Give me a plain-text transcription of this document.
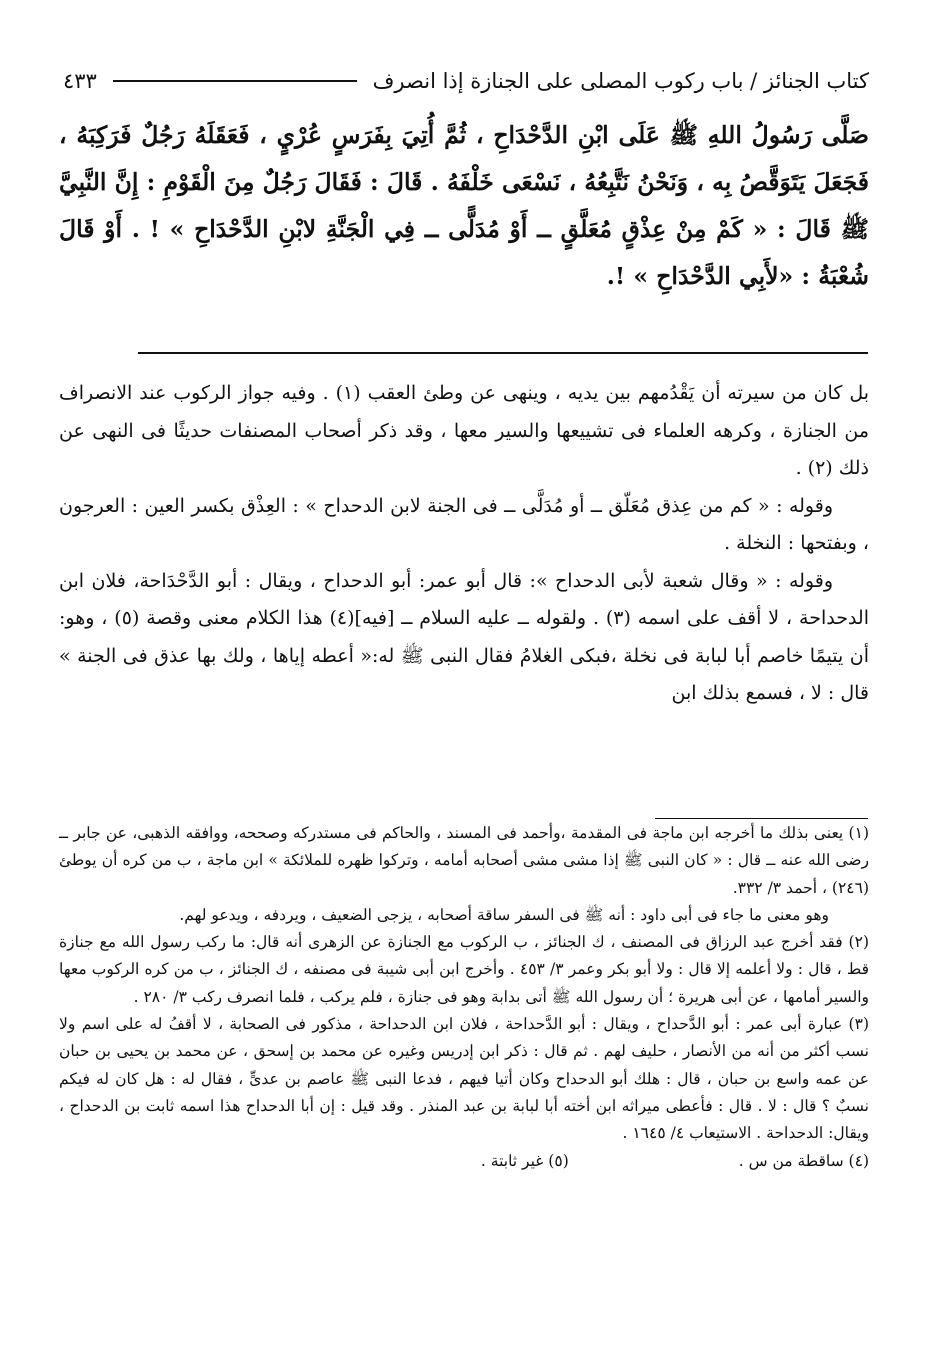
كتاب الجنائز / باب ركوب المصلى على الجنازة إذا انصرف
٤٣٣

صَلَّى رَسُولُ اللهِ ﷺ عَلَى ابْنِ الدَّحْدَاحِ ، ثُمَّ أُتِيَ بِفَرَسٍ عُرْيٍ ، فَعَقَلَهُ رَجُلٌ فَرَكِبَهُ ، فَجَعَلَ يَتَوَقَّصُ بِه ، وَنَحْنُ نَتَّبِعُهُ ، نَسْعَى خَلْفَهُ . قَالَ : فَقَالَ رَجُلٌ مِنَ الْقَوْمِ : إِنَّ النَّبِيَّ ﷺ قَالَ : « كَمْ مِنْ عِذْقٍ مُعَلَّقٍ ــ أَوْ مُدَلًّى ــ فِي الْجَنَّةِ لابْنِ الدَّحْدَاحِ » ! . أَوْ قَالَ شُعْبَةُ : «لأَبِي الدَّحْدَاحِ » !.

بل كان من سيرته أن يَقْدُمهم بين يديه ، وينهى عن وطئ العقب (١) . وفيه جواز الركوب عند الانصراف من الجنازة ، وكرهه العلماء فى تشييعها والسير معها ، وقد ذكر أصحاب المصنفات حديثًا فى النهى عن ذلك (٢) .

وقوله : « كم من عِذق مُعَلّق ــ أو مُدَلَّى ــ فى الجنة لابن الدحداح » : العِذْق بكسر العين : العرجون ، وبفتحها : النخلة .

وقوله : « وقال شعبة لأبى الدحداح »: قال أبو عمر: أبو الدحداح ، ويقال : أبو الدَّحْدَاحة، فلان ابن الدحداحة ، لا أقف على اسمه (٣) . ولقوله ــ عليه السلام ــ [فيه](٤) هذا الكلام معنى وقصة (٥) ، وهو: أن يتيمًا خاصم أبا لبابة فى نخلة ،فبكى الغلامُ فقال النبى ﷺ له:« أعطه إياها ، ولك بها عذق فى الجنة » قال : لا ، فسمع بذلك ابن

(١) يعنى بذلك ما أخرجه ابن ماجة فى المقدمة ،وأحمد فى المسند ، والحاكم فى مستدركه وصححه، ووافقه الذهبى، عن جابر ــ رضى الله عنه ــ قال : « كان النبى ﷺ إذا مشى مشى أصحابه أمامه ، وتركوا ظهره للملائكة » ابن ماجة ، ب من كره أن يوطئ (٢٤٦) ، أحمد ٣/ ٣٣٢.

وهو معنى ما جاء فى أبى داود : أنه ﷺ فى السفر ساقة أصحابه ، يزجى الضعيف ، ويردفه ، ويدعو لهم.

(٢) فقد أخرج عبد الرزاق فى المصنف ، ك الجنائز ، ب الركوب مع الجنازة عن الزهرى أنه قال: ما ركب رسول الله مع جنازة قط ، قال : ولا أعلمه إلا قال : ولا أبو بكر وعمر ٣/ ٤٥٣ . وأخرج ابن أبى شيبة فى مصنفه ، ك الجنائز ، ب من كره الركوب معها والسير أمامها ، عن أبى هريرة ؛ أن رسول الله ﷺ أتى بدابة وهو فى جنازة ، فلم يركب ، فلما انصرف ركب ٣/ ٢٨٠ .

(٣) عبارة أبى عمر : أبو الدَّحداح ، ويقال : أبو الدَّحداحة ، فلان ابن الدحداحة ، مذكور فى الصحابة ، لا أقفُ له على اسم ولا نسب أكثر من أنه من الأنصار ، حليف لهم . ثم قال : ذكر ابن إدريس وغيره عن محمد بن إسحق ، عن محمد بن يحيى بن حبان عن عمه واسع بن حبان ، قال : هلك أبو الدحداح وكان أتيا فيهم ، فدعا النبى ﷺ عاصم بن عدىٍّ ، فقال له : هل كان له فيكم نسبٌ ؟ قال : لا . قال : فأعطى ميراثه ابن أخته أبا لبابة بن عبد المنذر . وقد قيل : إن أبا الدحداح هذا اسمه ثابت بن الدحداح ، ويقال: الدحداحة . الاستيعاب ٤/ ١٦٤٥ .

(٤) ساقطة من س .
(٥) غير ثابتة .
